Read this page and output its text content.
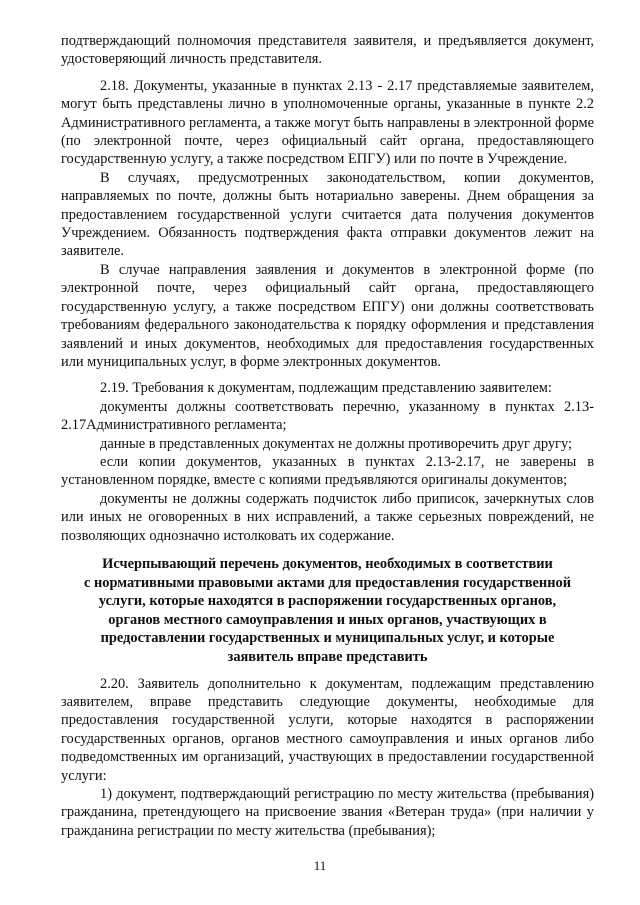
подтверждающий полномочия представителя заявителя, и предъявляется документ, удостоверяющий личность представителя.

2.18. Документы, указанные в пунктах 2.13 - 2.17 представляемые заявителем, могут быть представлены лично в уполномоченные органы, указанные в пункте 2.2 Административного регламента, а также могут быть направлены в электронной форме (по электронной почте, через официальный сайт органа, предоставляющего государственную услугу, а также посредством ЕПГУ) или по почте в Учреждение.

В случаях, предусмотренных законодательством, копии документов, направляемых по почте, должны быть нотариально заверены. Днем обращения за предоставлением государственной услуги считается дата получения документов Учреждением. Обязанность подтверждения факта отправки документов лежит на заявителе.

В случае направления заявления и документов в электронной форме (по электронной почте, через официальный сайт органа, предоставляющего государственную услугу, а также посредством ЕПГУ) они должны соответствовать требованиям федерального законодательства к порядку оформления и представления заявлений и иных документов, необходимых для предоставления государственных или муниципальных услуг, в форме электронных документов.

2.19. Требования к документам, подлежащим представлению заявителем:

документы должны соответствовать перечню, указанному в пунктах 2.13-2.17Административного регламента;

данные в представленных документах не должны противоречить друг другу;

если копии документов, указанных в пунктах 2.13-2.17, не заверены в установленном порядке, вместе с копиями предъявляются оригиналы документов;

документы не должны содержать подчисток либо приписок, зачеркнутых слов или иных не оговоренных в них исправлений, а также серьезных повреждений, не позволяющих однозначно истолковать их содержание.

Исчерпывающий перечень документов, необходимых в соответствии
с нормативными правовыми актами для предоставления государственной
услуги, которые находятся в распоряжении государственных органов,
органов местного самоуправления и иных органов, участвующих в
предоставлении государственных и муниципальных услуг, и которые
заявитель вправе представить

2.20. Заявитель дополнительно к документам, подлежащим представлению заявителем, вправе представить следующие документы, необходимые для предоставления государственной услуги, которые находятся в распоряжении государственных органов, органов местного самоуправления и иных органов либо подведомственных им организаций, участвующих в предоставлении государственной услуги:

1) документ, подтверждающий регистрацию по месту жительства (пребывания) гражданина, претендующего на присвоение звания «Ветеран труда» (при наличии у гражданина регистрации по месту жительства (пребывания);

11
